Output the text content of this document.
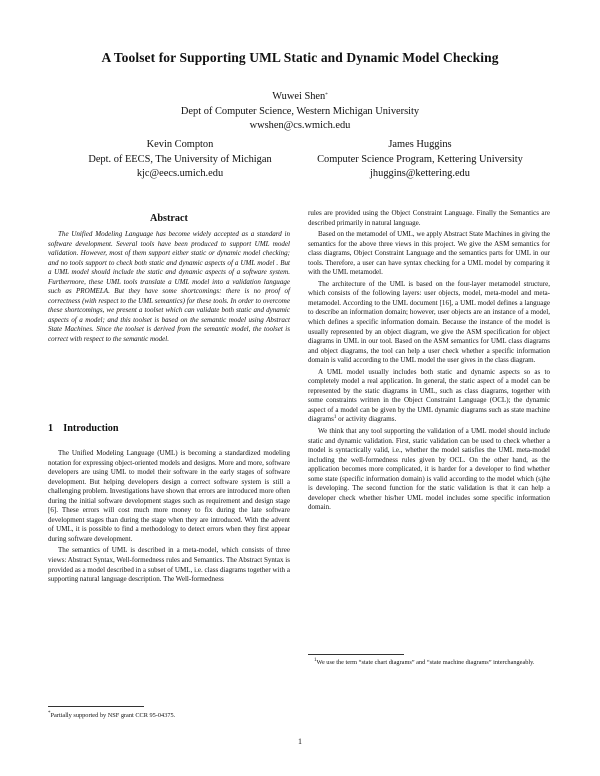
A Toolset for Supporting UML Static and Dynamic Model Checking
Wuwei Shen*
Dept of Computer Science, Western Michigan University
wwshen@cs.wmich.edu
Kevin Compton
Dept. of EECS, The University of Michigan
kjc@eecs.umich.edu
James Huggins
Computer Science Program, Kettering University
jhuggins@kettering.edu
Abstract

The Unified Modeling Language has become widely accepted as a standard in software development. Several tools have been produced to support UML model validation. However, most of them support either static or dynamic model checking; and no tools support to check both static and dynamic aspects of a UML model . But a UML model should include the static and dynamic aspects of a software system. Furthermore, these UML tools translate a UML model into a validation language such as PROMELA. But they have some shortcomings: there is no proof of correctness (with respect to the UML semantics) for these tools. In order to overcome these shortcomings, we present a toolset which can validate both static and dynamic aspects of a model; and this toolset is based on the semantic model using Abstract State Machines. Since the toolset is derived from the semantic model, the toolset is correct with respect to the semantic model.

1 Introduction

The Unified Modeling Language (UML) is becoming a standardized modeling notation for expressing object-oriented models and designs. More and more, software developers are using UML to model their software in the early stages of software development. But helping developers design a correct software system is still a challenging problem. Investigations have shown that errors are introduced more often during the initial software development stages such as requirement and design stage [6]. These errors will cost much more money to fix during the late software development stages than during the stage when they are introduced. With the advent of UML, it is possible to find a methodology to detect errors when they first appear during software development.

The semantics of UML is described in a meta-model, which consists of three views: Abstract Syntax, Well-formedness rules and Semantics. The Abstract Syntax is provided as a model described in a subset of UML, i.e. class diagrams together with a supporting natural language description. The Well-formedness

*Partially supported by NSF grant CCR 95-04375.

rules are provided using the Object Constraint Language. Finally the Semantics are described primarily in natural language.

Based on the metamodel of UML, we apply Abstract State Machines in giving the semantics for the above three views in this project. We give the ASM semantics for class diagrams, Object Constraint Language and the semantics parts for UML in our tools. Therefore, a user can have syntax checking for a UML model by comparing it with the UML metamodel.

The architecture of the UML is based on the four-layer metamodel structure, which consists of the following layers: user objects, model, meta-model and meta-metamodel. According to the UML document [16], a UML model defines a language to describe an information domain; however, user objects are an instance of a model, which defines a specific information domain. Because the instance of the model is usually represented by an object diagram, we give the ASM specification for object diagrams in UML in our tool. Based on the ASM semantics for UML class diagrams and object diagrams, the tool can help a user check whether a specific information domain is valid according to the UML model the user gives in the class diagram.

A UML model usually includes both static and dynamic aspects so as to completely model a real application. In general, the static aspect of a model can be represented by the static diagrams in UML, such as class diagrams, together with some constraints written in the Object Constraint Language (OCL); the dynamic aspect of a model can be given by the UML dynamic diagrams such as state machine diagrams$^1$ or activity diagrams.

We think that any tool supporting the validation of a UML model should include static and dynamic validation. First, static validation can be used to check whether a model is syntactically valid, i.e., whether the model satisfies the UML meta-model including the well-formedness rules given by OCL. On the other hand, as the application becomes more complicated, it is harder for a developer to find whether some state (specific information domain) is valid according to the model which (s)he is developing. The second function for the static validation is that it can help a developer check whether his/her UML model includes some specific information domain.

$^1$We use the term “state chart diagrams” and “state machine diagrams” interchangeably.
1
